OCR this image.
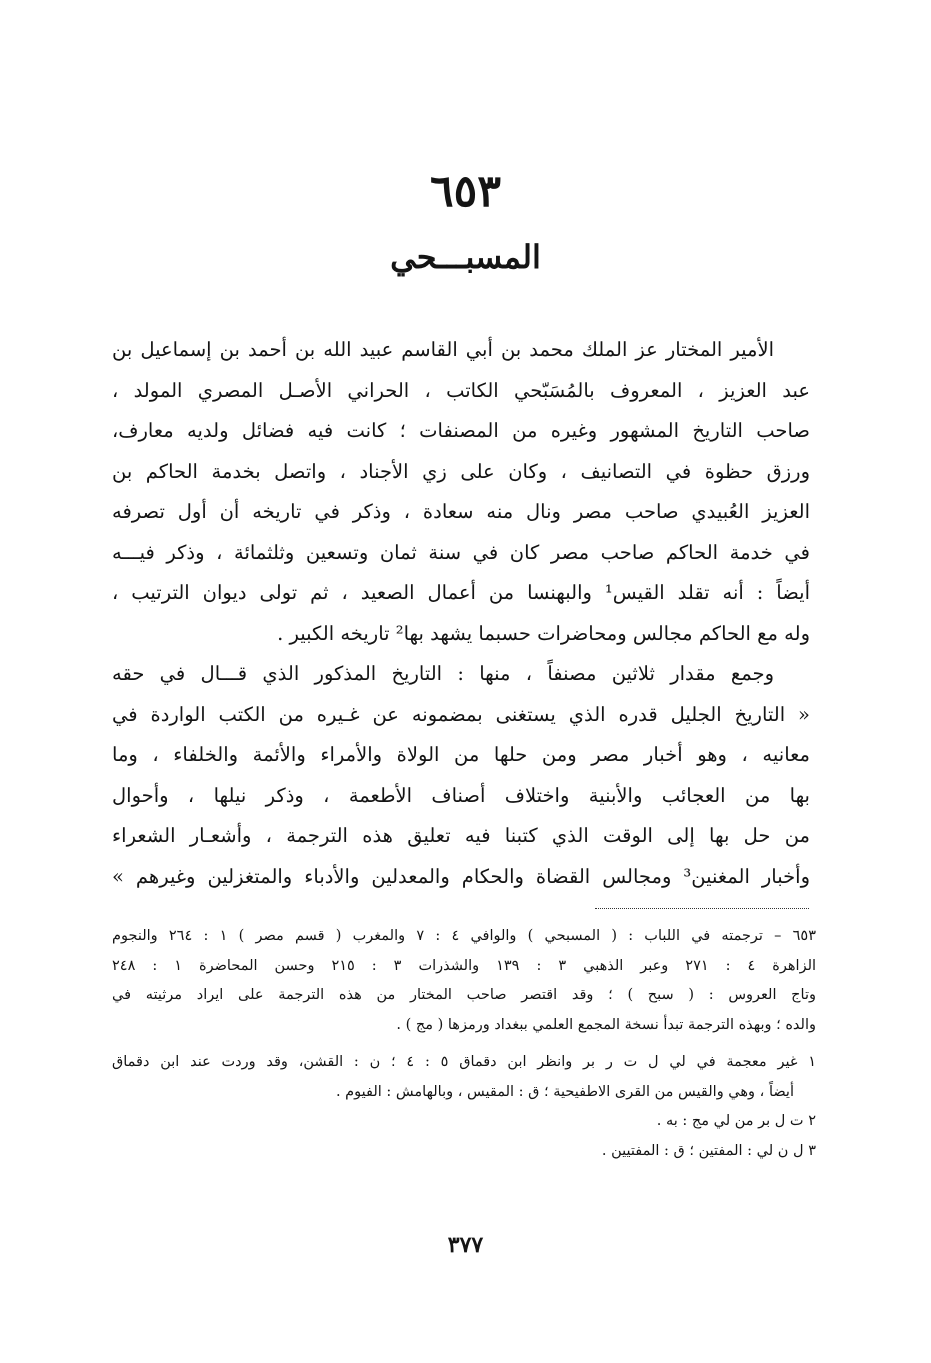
٦٥٣
المسبـــحي
الأمير المختار عز الملك محمد بن أبي القاسم عبيد الله بن أحمد بن إسماعيل بن
عبد العزيز ، المعروف بالمُسَبّحي الكاتب ، الحراني الأصـل المصري المولد ،
صاحب التاريخ المشهور وغيره من المصنفات ؛ كانت فيه فضائل ولديه معارف،
ورزق حظوة في التصانيف ، وكان على زي الأجناد ، واتصل بخدمة الحاكم بن
العزيز العُبيدي صاحب مصر ونال منه سعادة ، وذكر في تاريخه أن أول تصرفه
في خدمة الحاكم صاحب مصر كان في سنة ثمان وتسعين وثلثمائة ، وذكر فيـــه
أيضاً : أنه تقلد القيس¹ والبهنسا من أعمال الصعيد ، ثم تولى ديوان الترتيب ،
وله مع الحاكم مجالس ومحاضرات حسبما يشهد بها² تاريخه الكبير .
وجمع مقدار ثلاثين مصنفاً ، منها : التاريخ المذكور الذي قـــال في حقه
« التاريخ الجليل قدره الذي يستغنى بمضمونه عن غـيره من الكتب الواردة في
معانيه ، وهو أخبار مصر ومن حلها من الولاة والأمراء والأئمة والخلفاء ، وما
بها من العجائب والأبنية واختلاف أصناف الأطعمة ، وذكر نيلها ، وأحوال
من حل بها إلى الوقت الذي كتبنا فيه تعليق هذه الترجمة ، وأشعـار الشعراء
وأخبار المغنين³ ومجالس القضاة والحكام والمعدلين والأدباء والمتغزلين وغيرهم »
٦٥٣ – ترجمته في اللباب : ( المسبحي ) والوافي ٤ : ٧ والمغرب ( قسم مصر ) ١ : ٢٦٤ والنجوم
الزاهرة ٤ : ٢٧١ وعبر الذهبي ٣ : ١٣٩ والشذرات ٣ : ٢١٥ وحسن المحاضرة ١ : ٢٤٨
وتاج العروس : ( سبح ) ؛ وقد اقتصر صاحب المختار من هذه الترجمة على ايراد مرثيته في
والده ؛ وبهذه الترجمة تبدأ نسخة المجمع العلمي ببغداد ورمزها ( مج ) .
١ غير معجمة في لي ل ت ر بر وانظر ابن دقماق ٥ : ٤ ؛ ن : القشن، وقد وردت عند ابن دقماق
أيضاً ، وهي والقيس من القرى الاطفيحية ؛ ق : المقيس ، وبالهامش : الفيوم .
٢ ت ل بر من لي مج : به .
٣ ل ن لي : المفتين ؛ ق : المفتيين .
٣٧٧
